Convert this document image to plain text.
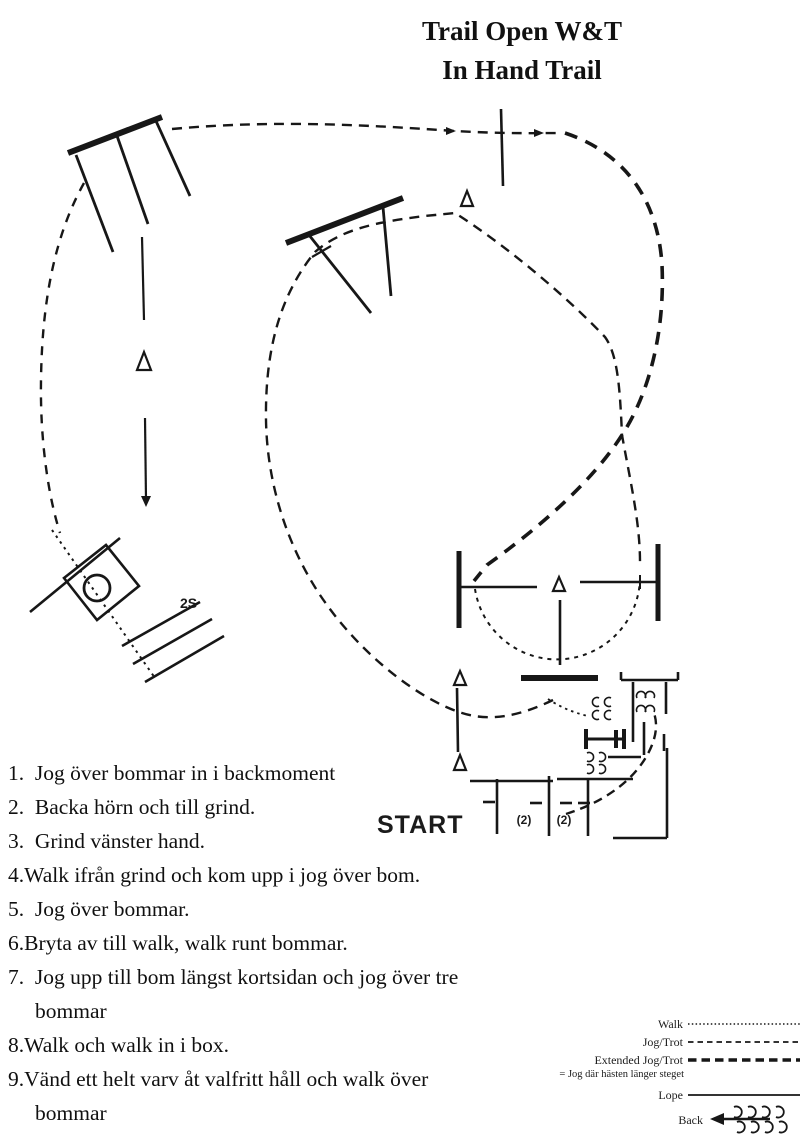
Trail Open W&T
In Hand Trail
2S
(2) (2)
START
1.  Jog över bommar in i backmoment
2.  Backa hörn och till grind.
3.  Grind vänster hand.
4.Walk ifrån grind och kom upp i jog över bom.
5.  Jog över bommar.
6.Bryta av till walk, walk runt bommar.
7.  Jog upp till bom längst kortsidan och jog över tre
bommar
8.Walk och walk in i box.
9.Vänd ett helt varv åt valfritt håll och walk över
bommar
Walk
Jog/Trot
Extended Jog/Trot
= Jog där hästen länger steget
Lope
Back
